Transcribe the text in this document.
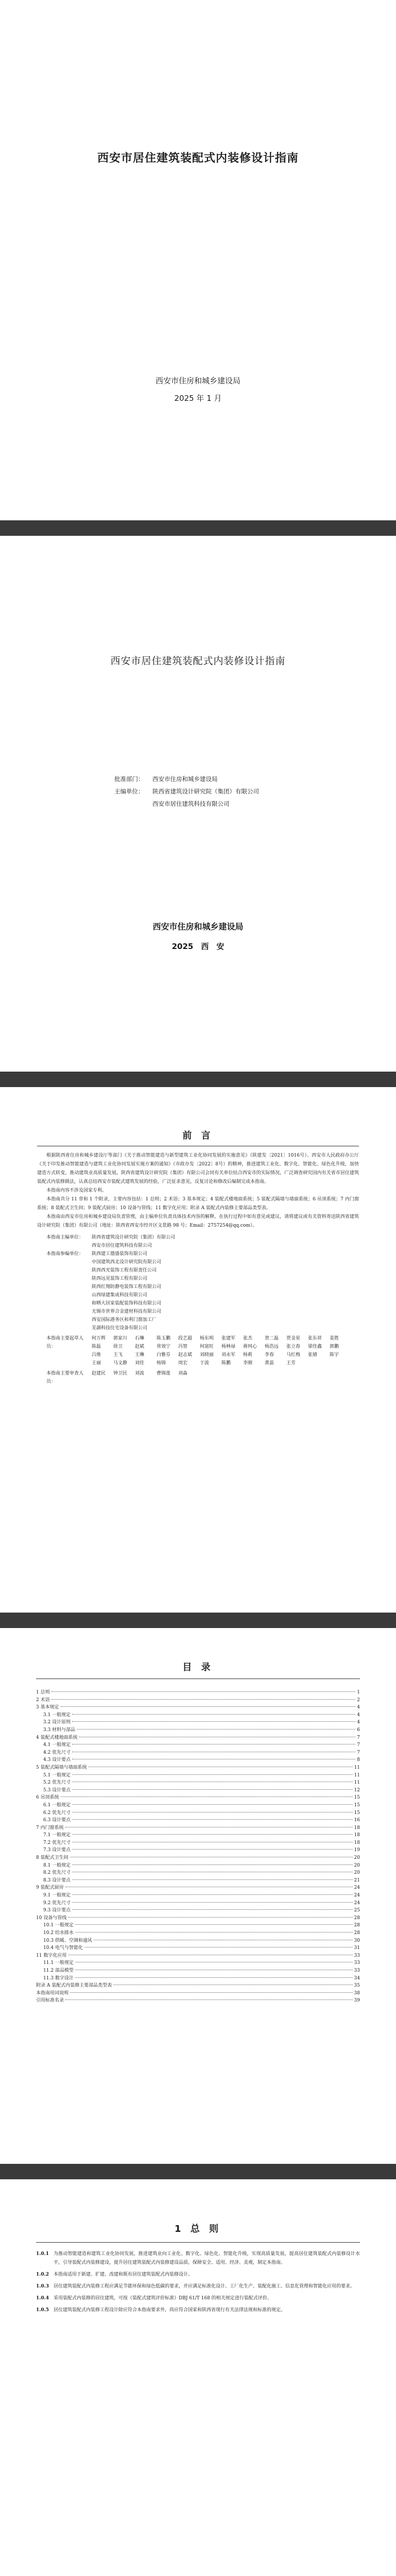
西安市居住建筑装配式内装修设计指南
西安市住房和城乡建设局
2025 年 1 月
西安市居住建筑装配式内装修设计指南
批准部门：	西安市住房和城乡建设局
主编单位：	陕西省建筑设计研究院（集团）有限公司
西安市居住建筑科技有限公司
西安市住房和城乡建设局
2025　西　安
前 言

根据陕西省住房和城乡建设厅等部门《关于推动智能建造与新型建筑工业化协同发展的实施意见》（陕建发〔2021〕1016号）、西安市人民政府办公厅《关于印发推动智能建造与建筑工业化协同发展实施方案的通知》（市政办发〔2022〕8号）的精神，推进建筑工业化、数字化、智能化、绿色化升级，加快建造方式转变，推动建筑业高质量发展，陕西省建筑设计研究院（集团）有限公司会同有关单位结合西安市的实际情况，广泛调查研究国内有关省市居住建筑装配式内装修做法，认真总结西安市装配式建筑发展的经验，广泛征求意见，反复讨论和修改后编制完成本指南。

本指南内容不涉及国家专利。

本指南共分 11 章和 1 个附录，主要内容包括：1 总则；2 术语；3 基本规定；4 装配式楼地面系统；5 装配式隔墙与墙面系统；6 吊顶系统；7 内门窗系统；8 装配式卫生间；9 装配式厨房；10 设备与管线；11 数字化应用；附录 A 装配式内装修主要部品类型表。

本指南由西安市住房和城乡建设局负责管理，由主编单位负责具体技术内容的解释。在执行过程中如有意见或建议，请将建议或有关资料寄送陕西省建筑设计研究院（集团）有限公司（地址：陕西省西安市经开区文景路 98 号；Email：2757254@qq.com）。

本指南主编单位：	陕西省建筑设计研究院（集团）有限公司
西安市居住建筑科技有限公司
本指南参编单位：	陕西建工德盛装饰有限公司
中国建筑西北设计研究院有限公司
陕西西光装饰工程有限责任公司
陕西远见装饰工程有限公司
陕西红翔防静电装饰工程有限公司
山西绿建集成科技有限公司
和晒大居家装配装饰科技有限公司
无锡市世界合金建材科技有限公司
西安国际港务区和利门窗加工厂
芜湖科技住宅设备有限公司
本指南主要起草人员：
何万辉	郭家川	石琳	陈玉鹏	段艺超	杨东明	张建军	张杰	贺二磊	贾金星	张东祥	姜胜
陈磊	徐卫	赵斌	常效宁	冯智	何富旺	杨林禄	蒋珂心	杨浩远	张立春	梁佳鑫	郭鹏
吕维	王飞	王琳	白雅芬	赵志斌	刘晓丽	刘永军	杨莉	李春	马红梅	张婧	陈宇
王丽	马文静	刘佳	杨锦	周宏	于波	陈鹏	李刚	黄蕊	王芳
本指南主要审查人员：
赵建民	钟卫民	刘波	曹锦莲	刘淼
目 录
1 总则	1
2 术语	2
3 基本规定	4
3.1 一般规定	4
3.2 设计原则	4
3.3 材料与部品	6
4 装配式楼地面系统	7
4.1 一般规定	7
4.2 优先尺寸	7
4.3 设计要点	8
5 装配式隔墙与墙面系统	11
5.1 一般规定	11
5.2 优先尺寸	11
5.3 设计要点	12
6 吊顶系统	15
6.1 一般规定	15
6.2 优先尺寸	15
6.3 设计要点	16
7 内门窗系统	18
7.1 一般规定	18
7.2 优先尺寸	18
7.3 设计要点	19
8 装配式卫生间	20
8.1 一般规定	20
8.2 优先尺寸	20
8.3 设计要点	21
9 装配式厨房	24
9.1 一般规定	24
9.2 优先尺寸	24
9.3 设计要点	25
10 设备与管线	28
10.1 一般规定	28
10.2 给水排水	28
10.3 供暖、空调和通风	30
10.4 电气与智能化	31
11 数字化应用	33
11.1 一般规定	33
11.2 部品模型	33
11.3 数字设计	34
附录 A 装配式内装修主要部品类型表	35
本指南用词说明	38
引用标准名录	39
1 总 则
1.0.1 为推动智能建造和建筑工业化协同发展，推进建筑业向工业化、数字化、绿色化、智能化升级，实现高质量发展，提高居住建筑装配式内装修设计水平，引导装配式内装修建设，提升居住建筑装配式内装修建设品质，保障安全、适用、经济、美观，制定本指南。
1.0.2 本指南适用于新建、扩建、改建和既有居住建筑装配式内装修设计。
1.0.3 居住建筑装配式内装修工程应满足节能环保和绿色低碳的要求，并应满足标准化设计、工厂化生产、装配化施工、信息化管理和智能化应用的要求。
1.0.4 采用装配式内装修的居住建筑，可按《装配式建筑评价标准》DBJ 61/T 168 的相关规定进行装配式评价。
1.0.5 居住建筑装配式内装修工程设计除应符合本指南要求外，尚应符合国家和陕西省现行有关法律法规和标准的规定。
